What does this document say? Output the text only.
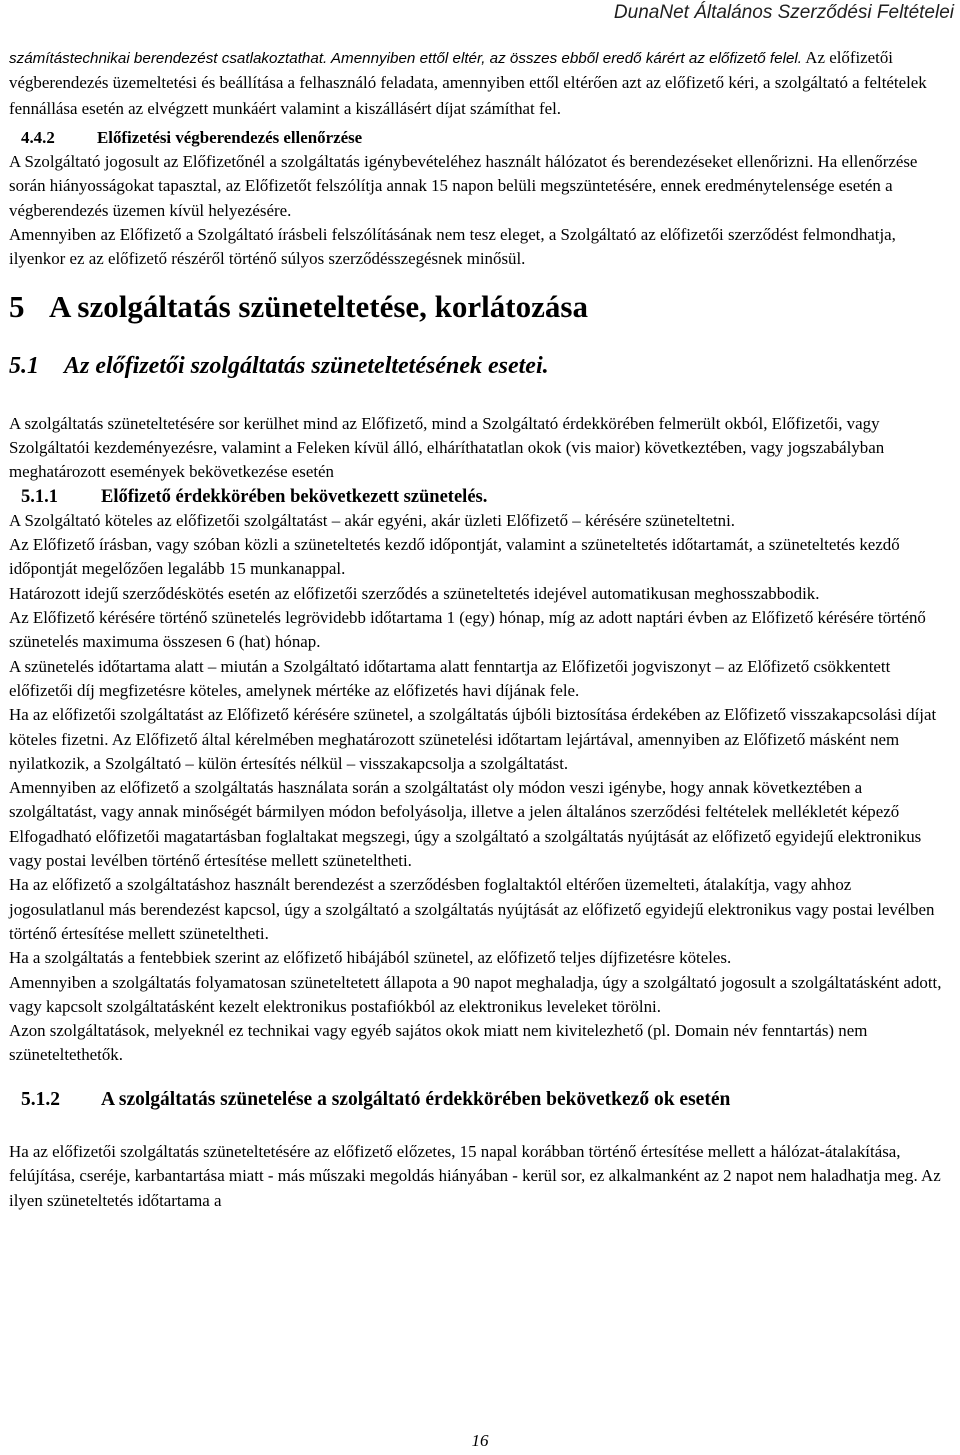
DunaNet Általános Szerződési Feltételei

számítástechnikai berendezést csatlakoztathat. Amennyiben ettől eltér, az összes ebből eredő kárért az előfizető felel. Az előfizetői végberendezés üzemeltetési és beállítása a felhasználó feladata, amennyiben ettől eltérően azt az előfizető kéri, a szolgáltató a feltételek fennállása esetén az elvégzett munkáért valamint a kiszállásért díjat számíthat fel.

4.4.2 Előfizetési végberendezés ellenőrzése

A Szolgáltató jogosult az Előfizetőnél a szolgáltatás igénybevételéhez használt hálózatot és berendezéseket ellenőrizni. Ha ellenőrzése során hiányosságokat tapasztal, az Előfizetőt felszólítja annak 15 napon belüli megszüntetésére, ennek eredménytelensége esetén a végberendezés üzemen kívül helyezésére.

Amennyiben az Előfizető a Szolgáltató írásbeli felszólításának nem tesz eleget, a Szolgáltató az előfizetői szerződést felmondhatja, ilyenkor ez az előfizető részéről történő súlyos szerződésszegésnek minősül.

5 A szolgáltatás szüneteltetése, korlátozása

5.1 Az előfizetői szolgáltatás szüneteltetésének esetei.

A szolgáltatás szüneteltetésére sor kerülhet mind az Előfizető, mind a Szolgáltató érdekkörében felmerült okból, Előfizetői, vagy Szolgáltatói kezdeményezésre, valamint a Feleken kívül álló, elháríthatatlan okok (vis maior) következtében, vagy jogszabályban meghatározott események bekövetkezése esetén

5.1.1 Előfizető érdekkörében bekövetkezett szünetelés.

A Szolgáltató köteles az előfizetői szolgáltatást – akár egyéni, akár üzleti Előfizető – kérésére szüneteltetni.

Az Előfizető írásban, vagy szóban közli a szüneteltetés kezdő időpontját, valamint a szüneteltetés időtartamát, a szüneteltetés kezdő időpontját megelőzően legalább 15 munkanappal.

Határozott idejű szerződéskötés esetén az előfizetői szerződés a szüneteltetés idejével automatikusan meghosszabbodik.

Az Előfizető kérésére történő szünetelés legrövidebb időtartama 1 (egy) hónap, míg az adott naptári évben az Előfizető kérésére történő szünetelés maximuma összesen 6 (hat) hónap.

A szünetelés időtartama alatt – miután a Szolgáltató időtartama alatt fenntartja az Előfizetői jogviszonyt – az Előfizető csökkentett előfizetői díj megfizetésre köteles, amelynek mértéke az előfizetés havi díjának fele.

Ha az előfizetői szolgáltatást az Előfizető kérésére szünetel, a szolgáltatás újbóli biztosítása érdekében az Előfizető visszakapcsolási díjat köteles fizetni. Az Előfizető által kérelmében meghatározott szünetelési időtartam lejártával, amennyiben az Előfizető másként nem nyilatkozik, a Szolgáltató – külön értesítés nélkül – visszakapcsolja a szolgáltatást.

Amennyiben az előfizető a szolgáltatás használata során a szolgáltatást oly módon veszi igénybe, hogy annak következtében a szolgáltatást, vagy annak minőségét bármilyen módon befolyásolja, illetve a jelen általános szerződési feltételek mellékletét képező Elfogadható előfizetői magatartásban foglaltakat megszegi, úgy a szolgáltató a szolgáltatás nyújtását az előfizető egyidejű elektronikus vagy postai levélben történő értesítése mellett szüneteltheti.

Ha az előfizető a szolgáltatáshoz használt berendezést a szerződésben foglaltaktól eltérően üzemelteti, átalakítja, vagy ahhoz jogosulatlanul más berendezést kapcsol, úgy a szolgáltató a szolgáltatás nyújtását az előfizető egyidejű elektronikus vagy postai levélben történő értesítése mellett szüneteltheti.

Ha a szolgáltatás a fentebbiek szerint az előfizető hibájából szünetel, az előfizető teljes díjfizetésre köteles.

Amennyiben a szolgáltatás folyamatosan szüneteltetett állapota a 90 napot meghaladja, úgy a szolgáltató jogosult a szolgáltatásként adott, vagy kapcsolt szolgáltatásként kezelt elektronikus postafiókból az elektronikus leveleket törölni.

Azon szolgáltatások, melyeknél ez technikai vagy egyéb sajátos okok miatt nem kivitelezhető (pl. Domain név fenntartás) nem szüneteltethetők.

5.1.2 A szolgáltatás szünetelése a szolgáltató érdekkörében bekövetkező ok esetén

Ha az előfizetői szolgáltatás szüneteltetésére az előfizető előzetes, 15 napal korábban történő értesítése mellett a hálózat-átalakítása, felújítása, cseréje, karbantartása miatt - más műszaki megoldás hiányában - kerül sor, ez alkalmanként az 2 napot nem haladhatja meg. Az ilyen szüneteltetés időtartama a

16
